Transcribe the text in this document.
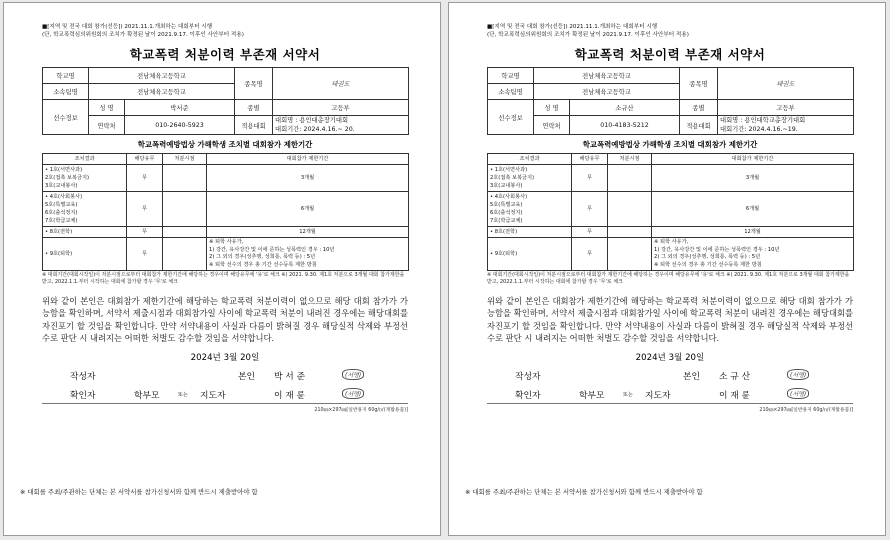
■[지역 및 전국 대회 참가(선등]) 2021.11.1.개최하는 대회부터 시행
(단, 학교폭력심의위원회의 조치가 확정된 날이 2021.9.17. 이후인 사안부터 적용)
학교폭력 처분이력 부존재 서약서
학교명	전남체육고등학교		종목명	태권도
소속팀명	전남체육고등학교			
선수정보	성 명	박서준	종별	고등부
	연락처	010-2640-5923	적용대회	대회명 : 용인대총장기대회
대회기간: 2024.4.16.~ 20.
학교폭력예방법상 가해학생 조치별 대회참가 제한기간
조치결과	해당유무	처분시점	대회참가 제한기간
• 1호(서면사과)
2호(접촉 보복금지)
3호(교내봉사)	무		3개월
• 4호(사회봉사)
5호(특별교육)
6호(출석정지)
7호(학급교체)	무		6개월
• 8호(전학)	무		12개월
• 9호(퇴학)	무		※ 퇴학 사유가,
1) 강간, 유사강간 및 이에 준하는 성폭력인 경우 : 10년
2) 그 외의 경우(성추행, 성희롱, 폭력 등) : 5년
※ 퇴학 선수의 경우 총 기간 선수등록 제한 방침
※ 대회기간(대회시작일)이 처분시점으로부터 대회참가 제한기간에 해당하는 경우이며 해당유무에 '유'로 체크 ※) 2021. 9.30. 제1호 처분으로 3개월 대회 참가제한을 받고, 2022.1.1.부터 시작하는 대회에 참가할 경우 '무'로 체크
위와 같이 본인은 대회참가 제한기간에 해당하는 학교폭력 처분이력이 없으므로 해당 대회 참가가 가능함을 확인하며, 서약서 제출시점과 대회참가일 사이에 학교폭력 처분이 내려진 경우에는 해당대회를 자진포기 할 것임을 확인합니다. 만약 서약내용이 사실과 다름이 밝혀질 경우 해당실적 삭제와 부정선수로 판단 시 내려지는 어떠한 처벌도 감수할 것임을 서약합니다.
2024년 3월 20일
작성자	본인 박 서 준	(서명)
확인자	학부모	또는 지도자	이 재 륜	(서명)
210㎜×297㎜[일반용지 60g/㎡(재활용품)]
※ 대회를 주최/주관하는 단체는 본 서약서를 참가신청서와 함께 반드시 제출받아야 함
■[지역 및 전국 대회 참가(선등]) 2021.11.1.개최하는 대회부터 시행
(단, 학교폭력심의위원회의 조치가 확정된 날이 2021.9.17. 이후인 사안부터 적용)
학교폭력 처분이력 부존재 서약서
학교명	전남체육고등학교		종목명	태권도
소속팀명	전남체육고등학교			
선수정보	성 명	소규산	종별	고등부
	연락처	010-4183-5212	적용대회	대회명 : 용인대학교총장기대회
대회기간: 2024.4.16.~19.
학교폭력예방법상 가해학생 조치별 대회참가 제한기간
조치결과	해당유무	처분시점	대회참가 제한기간
• 1호(서면사과)
2호(접촉 보복금지)
3호(교내봉사)	무		3개월
• 4호(사회봉사)
5호(특별교육)
6호(출석정지)
7호(학급교체)	무		6개월
• 8호(전학)	무		12개월
• 9호(퇴학)	무		※ 퇴학 사유가,
1) 강간, 유사강간 및 이에 준하는 성폭력인 경우 : 10년
2) 그 외의 경우(성추행, 성희롱, 폭력 등) : 5년
※ 퇴학 선수의 경우 총 기간 선수등록 제한 방침
※ 대회기간(대회시작일)이 처분시점으로부터 대회참가 제한기간에 해당하는 경우이며 해당유무에 '유'로 체크 ※) 2021. 9.30. 제1호 처분으로 3개월 대회 참가제한을 받고, 2022.1.1.부터 시작하는 대회에 참가할 경우 '무'로 체크
위와 같이 본인은 대회참가 제한기간에 해당하는 학교폭력 처분이력이 없으므로 해당 대회 참가가 가능함을 확인하며, 서약서 제출시점과 대회참가일 사이에 학교폭력 처분이 내려진 경우에는 해당대회를 자진포기 할 것임을 확인합니다. 만약 서약내용이 사실과 다름이 밝혀질 경우 해당실적 삭제와 부정선수로 판단 시 내려지는 어떠한 처벌도 감수할 것임을 서약합니다.
2024년 3월 20일
작성자	본인 소 규 산	(서명)
확인자	학부모	또는 지도자	이 재 륜	(서명)
210㎜×297㎜[일반용지 60g/㎡(재활용품)]
※ 대회를 주최/주관하는 단체는 본 서약서를 참가신청서와 함께 반드시 제출받아야 함
